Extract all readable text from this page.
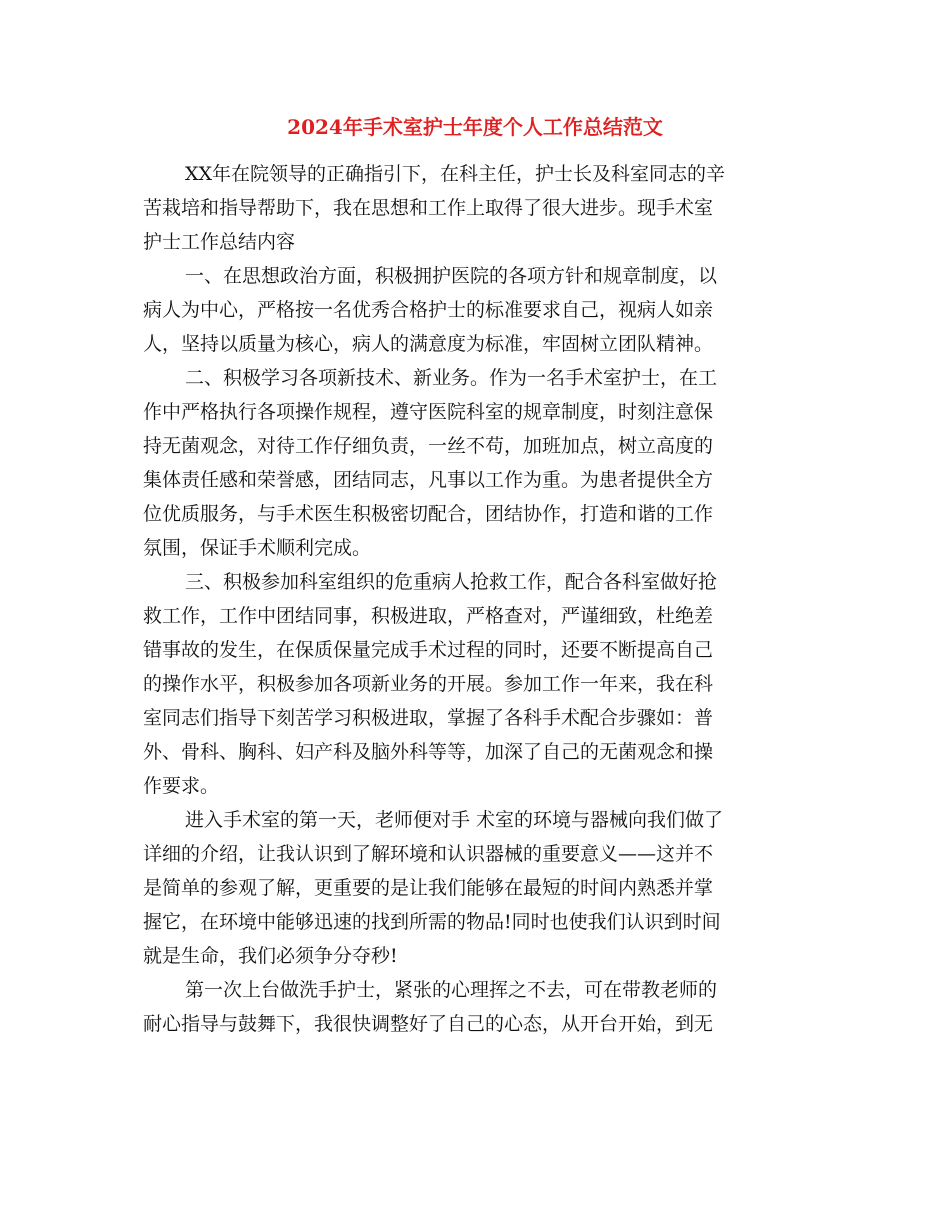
2024年手术室护士年度个人工作总结范文
XX年在院领导的正确指引下，在科主任，护士长及科室同志的辛
苦栽培和指导帮助下，我在思想和工作上取得了很大进步。现手术室
护士工作总结内容
一、在思想政治方面，积极拥护医院的各项方针和规章制度，以
病人为中心，严格按一名优秀合格护士的标准要求自己，视病人如亲
人，坚持以质量为核心，病人的满意度为标准，牢固树立团队精神。
二、积极学习各项新技术、新业务。作为一名手术室护士，在工
作中严格执行各项操作规程，遵守医院科室的规章制度，时刻注意保
持无菌观念，对待工作仔细负责，一丝不苟，加班加点，树立高度的
集体责任感和荣誉感，团结同志，凡事以工作为重。为患者提供全方
位优质服务，与手术医生积极密切配合，团结协作，打造和谐的工作
氛围，保证手术顺利完成。
三、积极参加科室组织的危重病人抢救工作，配合各科室做好抢
救工作，工作中团结同事，积极进取，严格查对，严谨细致，杜绝差
错事故的发生，在保质保量完成手术过程的同时，还要不断提高自己
的操作水平，积极参加各项新业务的开展。参加工作一年来，我在科
室同志们指导下刻苦学习积极进取，掌握了各科手术配合步骤如：普
外、骨科、胸科、妇产科及脑外科等等，加深了自己的无菌观念和操
作要求。
进入手术室的第一天，老师便对手 术室的环境与器械向我们做了
详细的介绍，让我认识到了解环境和认识器械的重要意义——这并不
是简单的参观了解，更重要的是让我们能够在最短的时间内熟悉并掌
握它，在环境中能够迅速的找到所需的物品!同时也使我们认识到时间
就是生命，我们必须争分夺秒!
第一次上台做洗手护士，紧张的心理挥之不去，可在带教老师的
耐心指导与鼓舞下，我很快调整好了自己的心态，从开台开始，到无
